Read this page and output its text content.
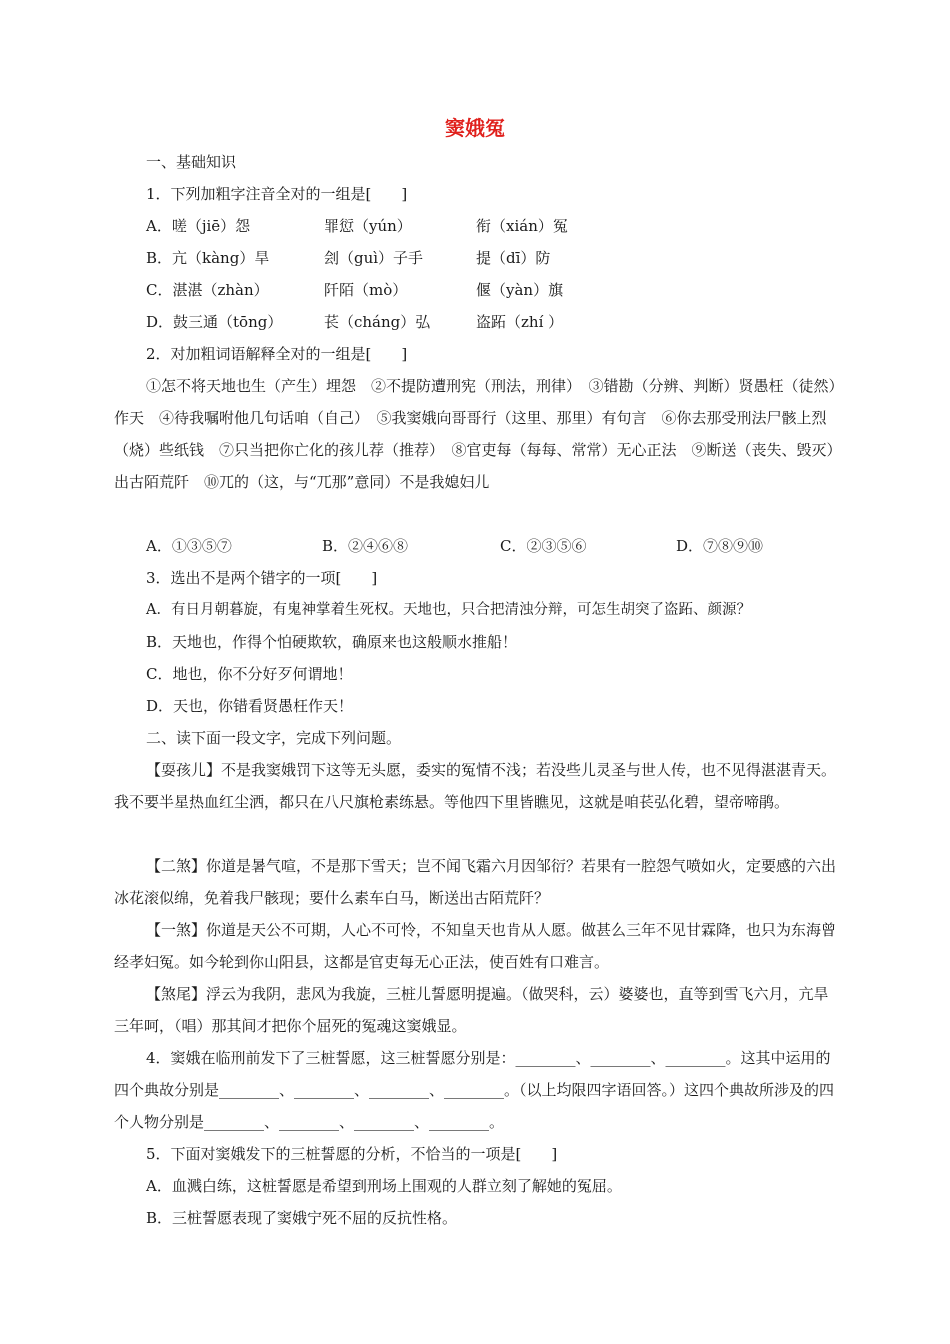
窦娥冤
一、基础知识
1．下列加粗字注音全对的一组是[　　]
A．嗟（jiē）怨	罪愆（yún）	衔（xián）冤
B．亢（kàng）旱	刽（guì）子手	提（dī）防
C．湛湛（zhàn）	阡陌（mò）	偃（yàn）旗
D．鼓三通（tōng）	苌（cháng）弘	盗跖（zhí ）
2．对加粗词语解释全对的一组是[　　]
①怎不将天地也生（产生）埋怨　②不提防遭刑宪（刑法，刑律）　③错勘（分辨、判断）贤愚枉（徒然）作天　④待我嘱咐他几句话咱（自己）　⑤我窦娥向哥哥行（这里、那里）有句言　⑥你去那受刑法尸骸上烈（烧）些纸钱　⑦只当把你亡化的孩儿荐（推荐）　⑧官吏每（每每、常常）无心正法　⑨断送（丧失、毁灭）出古陌荒阡　⑩兀的（这，与“兀那”意同）不是我媳妇儿
A．①③⑤⑦	B．②④⑥⑧	C．②③⑤⑥	D．⑦⑧⑨⑩
3．选出不是两个错字的一项[　　]
A．有日月朝暮旋，有鬼神掌着生死权。天地也，只合把清浊分辩，可怎生胡突了盗跖、颜源？
B．天地也，作得个怕硬欺软，确原来也这般顺水推船！
C．地也，你不分好歹何谓地！
D．天也，你错看贤愚枉作天！
二、读下面一段文字，完成下列问题。
【耍孩儿】不是我窦娥罚下这等无头愿，委实的冤情不浅；若没些儿灵圣与世人传，也不见得湛湛青天。我不要半星热血红尘洒，都只在八尺旗枪素练悬。等他四下里皆瞧见，这就是咱苌弘化碧，望帝啼鹃。
【二煞】你道是暑气喧，不是那下雪天；岂不闻飞霜六月因邹衍？若果有一腔怨气喷如火，定要感的六出冰花滚似绵，免着我尸骸现；要什么素车白马，断送出古陌荒阡？
【一煞】你道是天公不可期，人心不可怜，不知皇天也肯从人愿。做甚么三年不见甘霖降，也只为东海曾经孝妇冤。如今轮到你山阳县，这都是官吏每无心正法，使百姓有口难言。
【煞尾】浮云为我阴，悲风为我旋，三桩儿誓愿明提遍。（做哭科，云）婆婆也，直等到雪飞六月，亢旱三年呵，（唱）那其间才把你个屈死的冤魂这窦娥显。
4．窦娥在临刑前发下了三桩誓愿，这三桩誓愿分别是：________、________、________。这其中运用的四个典故分别是________、________、________、________。（以上均限四字语回答。）这四个典故所涉及的四个人物分别是________、________、________、________。
5．下面对窦娥发下的三桩誓愿的分析，不恰当的一项是[　　]
A．血溅白练，这桩誓愿是希望到刑场上围观的人群立刻了解她的冤屈。
B．三桩誓愿表现了窦娥宁死不屈的反抗性格。
